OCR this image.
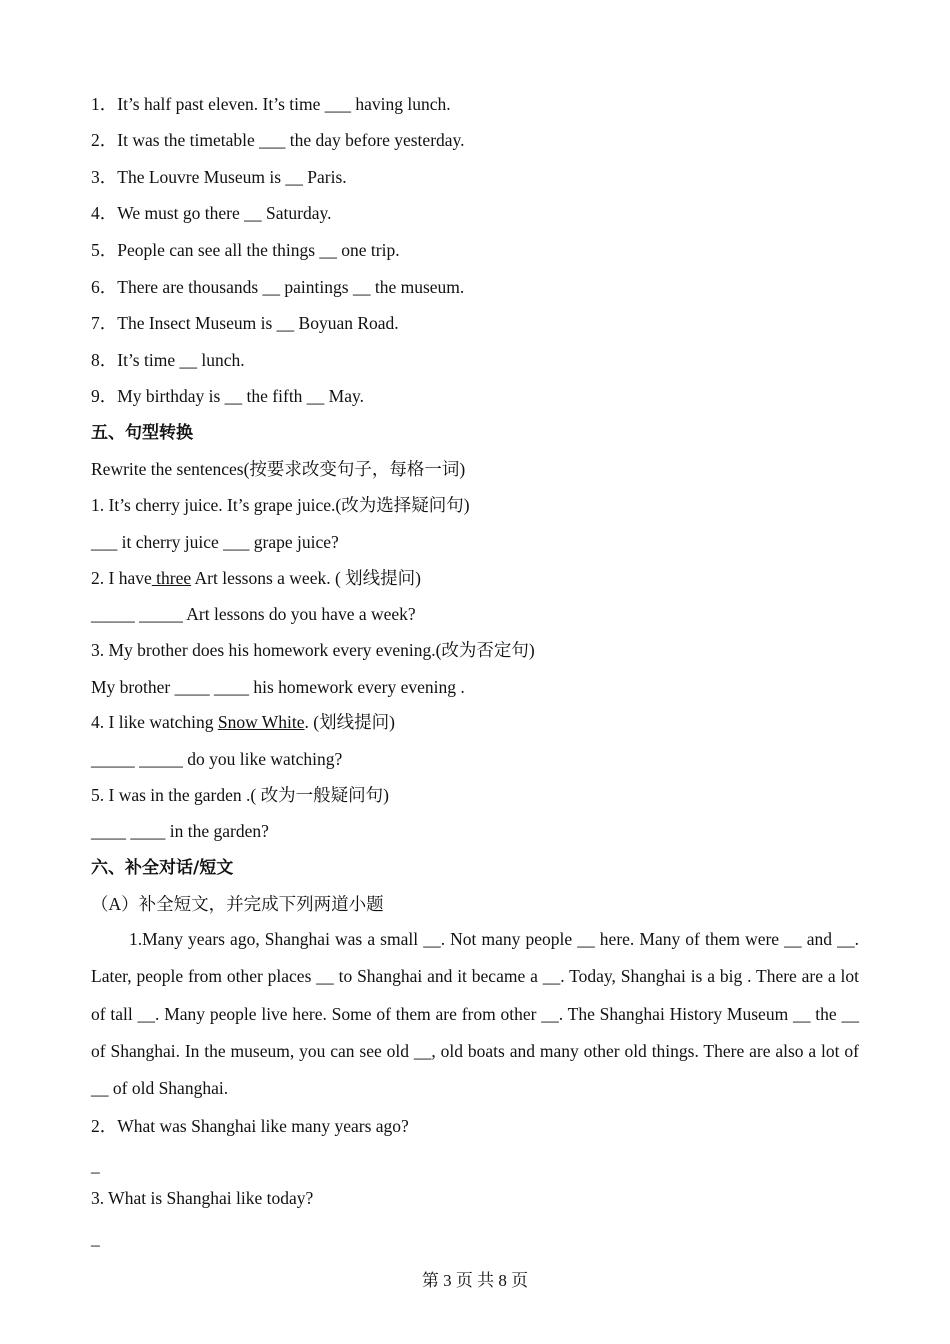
1．It’s half past eleven. It’s time ___ having lunch.
2．It was the timetable ___ the day before yesterday.
3．The Louvre Museum is __ Paris.
4．We must go there __ Saturday.
5．People can see all the things __ one trip.
6．There are thousands __ paintings __ the museum.
7．The Insect Museum is __ Boyuan Road.
8．It’s time __ lunch.
9．My birthday is __ the fifth __ May.
五、句型转换
Rewrite the sentences(按要求改变句子，每格一词)
1. It’s cherry juice. It’s grape juice.(改为选择疑问句)
___ it cherry juice ___ grape juice?
2. I have three Art lessons a week. ( 划线提问)
_____ _____ Art lessons do you have a week?
3. My brother does his homework every evening.(改为否定句)
My brother ____ ____ his homework every evening .
4. I like watching Snow White. (划线提问)
_____ _____ do you like watching?
5. I was in the garden .( 改为一般疑问句)
____ ____ in the garden?
六、补全对话/短文
（A）补全短文，并完成下列两道小题
1.Many years ago, Shanghai was a small __. Not many people __ here. Many of them were __ and __. Later, people from other places __ to Shanghai and it became a __. Today, Shanghai is a big . There are a lot of tall __. Many people live here. Some of them are from other __. The Shanghai History Museum __ the __ of Shanghai. In the museum, you can see old __, old boats and many other old things. There are also a lot of __ of old Shanghai.
2．What was Shanghai like many years ago?
_
3. What is Shanghai like today?
_
第 3 页 共 8 页
